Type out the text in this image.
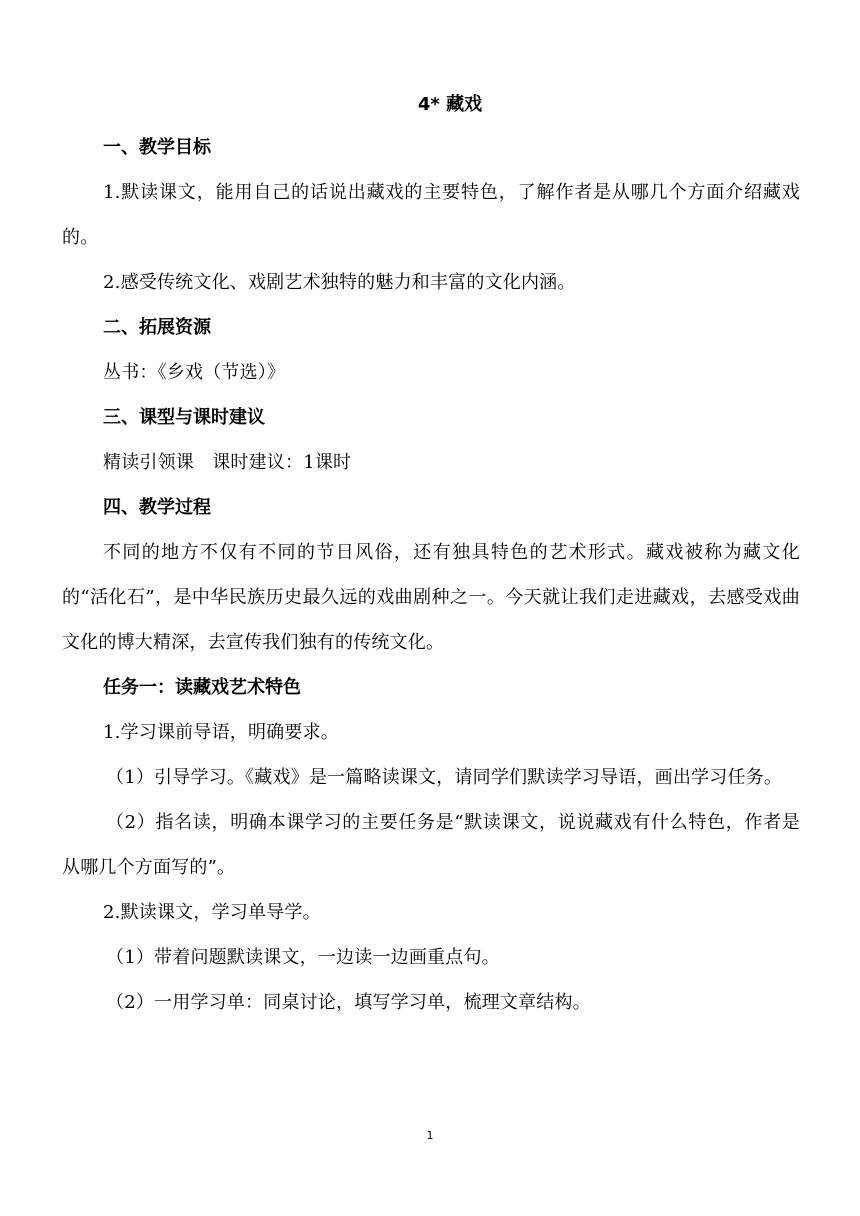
4* 藏戏
一、教学目标

1.默读课文，能用自己的话说出藏戏的主要特色，了解作者是从哪几个方面介绍藏戏的。

2.感受传统文化、戏剧艺术独特的魅力和丰富的文化内涵。

二、拓展资源

丛书：《乡戏（节选）》

三、课型与课时建议

精读引领课　课时建议：1课时

四、教学过程

不同的地方不仅有不同的节日风俗，还有独具特色的艺术形式。藏戏被称为藏文化的“活化石”，是中华民族历史最久远的戏曲剧种之一。今天就让我们走进藏戏，去感受戏曲文化的博大精深，去宣传我们独有的传统文化。

任务一：读藏戏艺术特色

1.学习课前导语，明确要求。

（1）引导学习。《藏戏》是一篇略读课文，请同学们默读学习导语，画出学习任务。

（2）指名读，明确本课学习的主要任务是“默读课文，说说藏戏有什么特色，作者是从哪几个方面写的”。

2.默读课文，学习单导学。

（1）带着问题默读课文，一边读一边画重点句。

（2）一用学习单：同桌讨论，填写学习单，梳理文章结构。

1
